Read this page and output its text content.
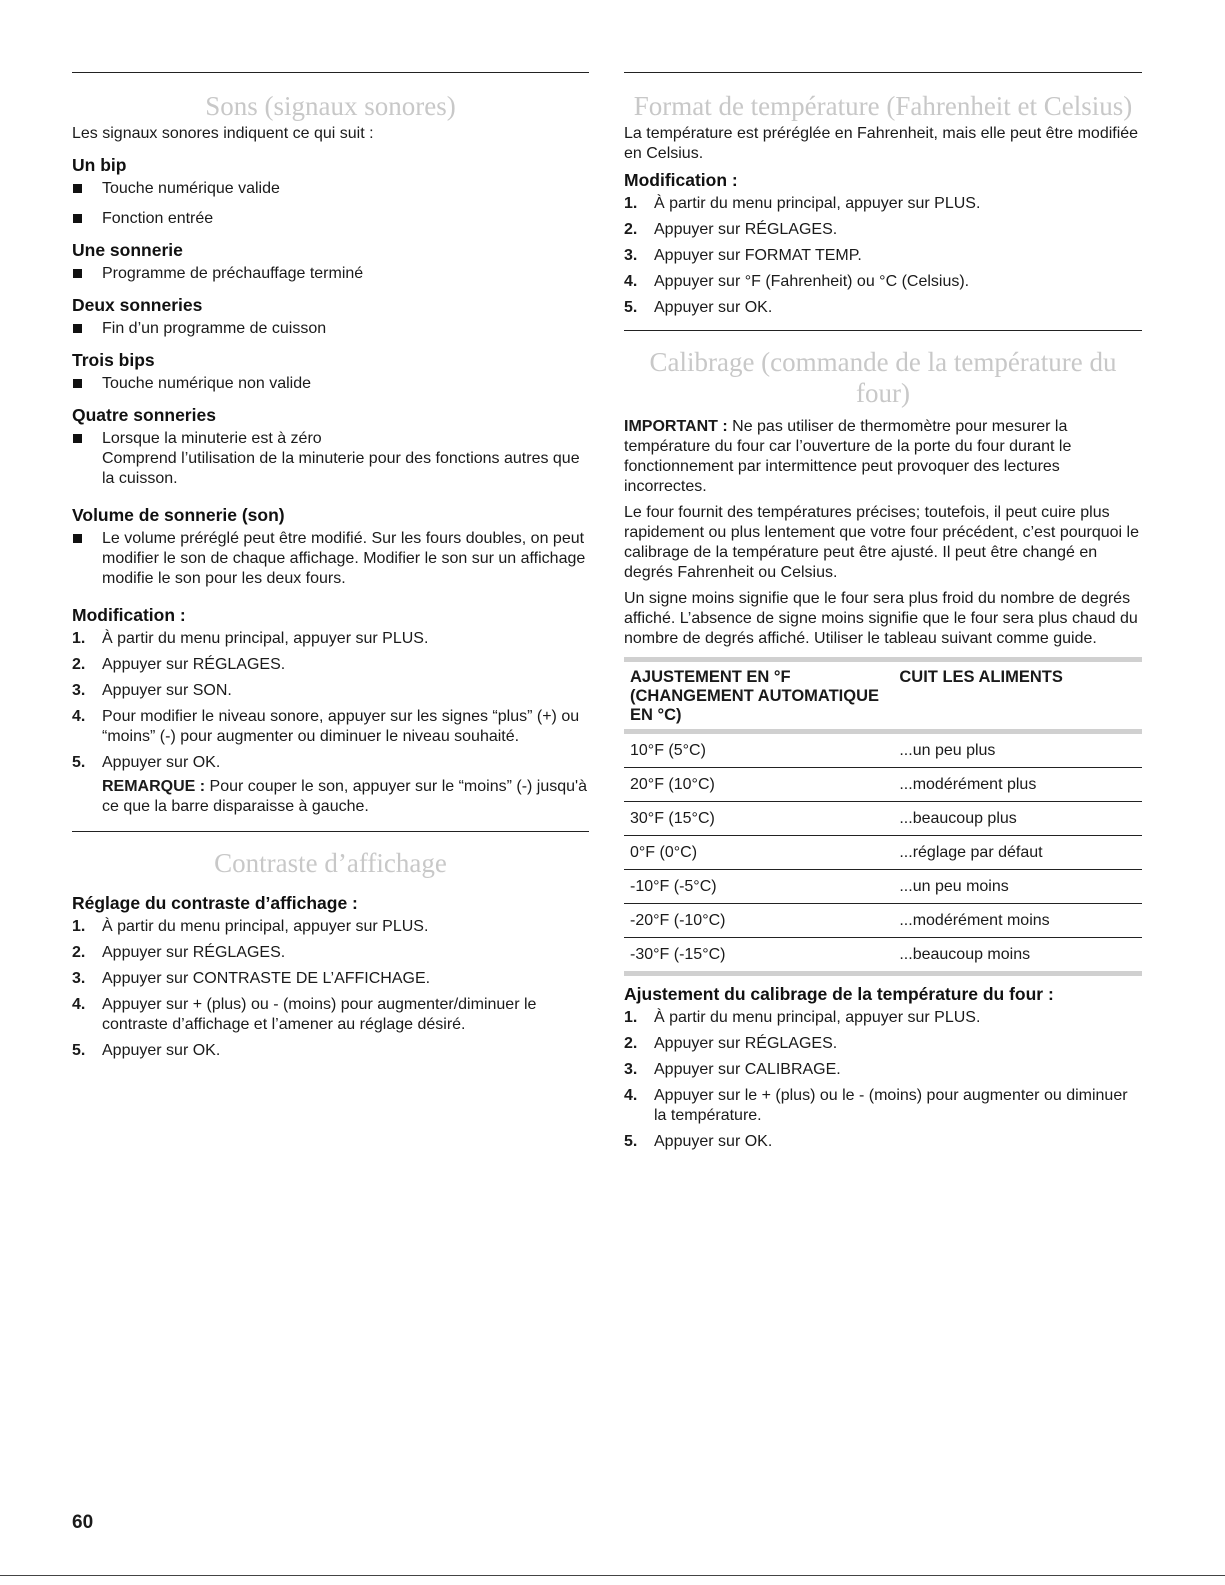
Sons (signaux sonores)

Les signaux sonores indiquent ce qui suit :

Un bip
Touche numérique valide
Fonction entrée
Une sonnerie
Programme de préchauffage terminé
Deux sonneries
Fin d’un programme de cuisson
Trois bips
Touche numérique non valide
Quatre sonneries
Lorsque la minuterie est à zéro
Comprend l’utilisation de la minuterie pour des fonctions autres que la cuisson.
Volume de sonnerie (son)
Le volume préréglé peut être modifié. Sur les fours doubles, on peut modifier le son de chaque affichage. Modifier le son sur un affichage modifie le son pour les deux fours.
Modification :
1. À partir du menu principal, appuyer sur PLUS.
2. Appuyer sur RÉGLAGES.
3. Appuyer sur SON.
4. Pour modifier le niveau sonore, appuyer sur les signes “plus” (+) ou “moins” (-) pour augmenter ou diminuer le niveau souhaité.
5. Appuyer sur OK.
REMARQUE : Pour couper le son, appuyer sur le “moins” (-) jusqu'à ce que la barre disparaisse à gauche.
Contraste d’affichage
Réglage du contraste d’affichage :
1. À partir du menu principal, appuyer sur PLUS.
2. Appuyer sur RÉGLAGES.
3. Appuyer sur CONTRASTE DE L’AFFICHAGE.
4. Appuyer sur + (plus) ou - (moins) pour augmenter/diminuer le contraste d’affichage et l’amener au réglage désiré.
5. Appuyer sur OK.
Format de température (Fahrenheit et Celsius)

La température est préréglée en Fahrenheit, mais elle peut être modifiée en Celsius.

Modification :
1. À partir du menu principal, appuyer sur PLUS.
2. Appuyer sur RÉGLAGES.
3. Appuyer sur FORMAT TEMP.
4. Appuyer sur °F (Fahrenheit) ou °C (Celsius).
5. Appuyer sur OK.
Calibrage (commande de la température du four)

IMPORTANT : Ne pas utiliser de thermomètre pour mesurer la température du four car l’ouverture de la porte du four durant le fonctionnement par intermittence peut provoquer des lectures incorrectes.

Le four fournit des températures précises; toutefois, il peut cuire plus rapidement ou plus lentement que votre four précédent, c’est pourquoi le calibrage de la température peut être ajusté. Il peut être changé en degrés Fahrenheit ou Celsius.

Un signe moins signifie que le four sera plus froid du nombre de degrés affiché. L’absence de signe moins signifie que le four sera plus chaud du nombre de degrés affiché. Utiliser le tableau suivant comme guide.

AJUSTEMENT EN °F (CHANGEMENT AUTOMATIQUE EN °C)	CUIT LES ALIMENTS
10°F (5°C)	...un peu plus
20°F (10°C)	...modérément plus
30°F (15°C)	...beaucoup plus
0°F (0°C)	...réglage par défaut
-10°F (-5°C)	...un peu moins
-20°F (-10°C)	...modérément moins
-30°F (-15°C)	...beaucoup moins
Ajustement du calibrage de la température du four :
1. À partir du menu principal, appuyer sur PLUS.
2. Appuyer sur RÉGLAGES.
3. Appuyer sur CALIBRAGE.
4. Appuyer sur le + (plus) ou le - (moins) pour augmenter ou diminuer la température.
5. Appuyer sur OK.
60
